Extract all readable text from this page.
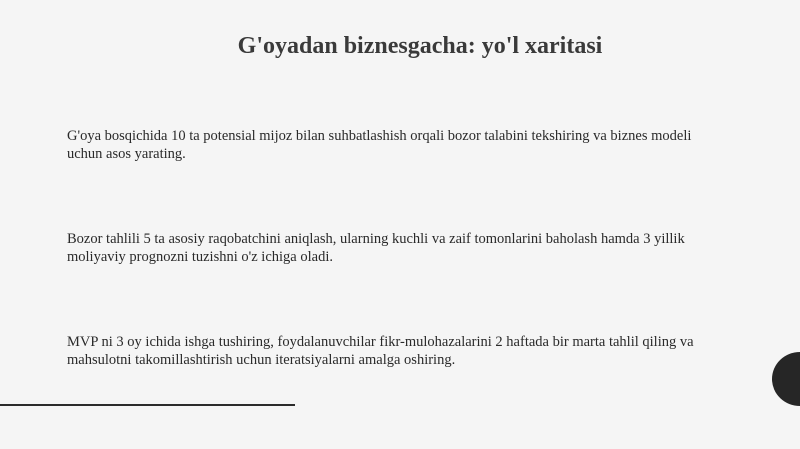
G'oyadan biznesgacha: yo'l xaritasi
G'oya bosqichida 10 ta potensial mijoz bilan suhbatlashish orqali bozor talabini tekshiring va biznes modeli uchun asos yarating.
Bozor tahlili 5 ta asosiy raqobatchini aniqlash, ularning kuchli va zaif tomonlarini baholash hamda 3 yillik moliyaviy prognozni tuzishni o'z ichiga oladi.
MVP ni 3 oy ichida ishga tushiring, foydalanuvchilar fikr-mulohazalarini 2 haftada bir marta tahlil qiling va mahsulotni takomillashtirish uchun iteratsiyalarni amalga oshiring.
